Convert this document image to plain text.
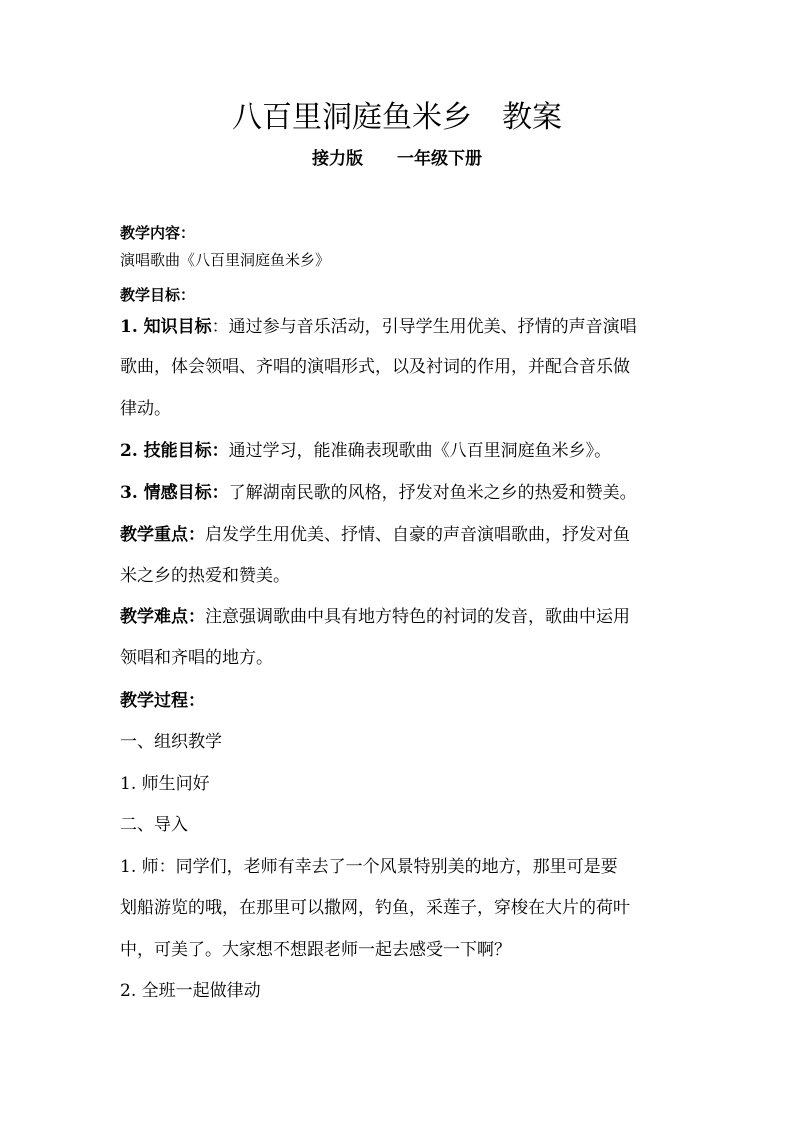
八百里洞庭鱼米乡　教案
接力版　　一年级下册
教学内容：
演唱歌曲《八百里洞庭鱼米乡》
教学目标：
1. 知识目标：通过参与音乐活动，引导学生用优美、抒情的声音演唱
歌曲，体会领唱、齐唱的演唱形式，以及衬词的作用，并配合音乐做
律动。
2. 技能目标：通过学习，能准确表现歌曲《八百里洞庭鱼米乡》。
3. 情感目标：了解湖南民歌的风格，抒发对鱼米之乡的热爱和赞美。
教学重点：启发学生用优美、抒情、自豪的声音演唱歌曲，抒发对鱼
米之乡的热爱和赞美。
教学难点：注意强调歌曲中具有地方特色的衬词的发音，歌曲中运用
领唱和齐唱的地方。
教学过程：
一、组织教学
1. 师生问好
二、导入
1. 师：同学们，老师有幸去了一个风景特别美的地方，那里可是要
划船游览的哦，在那里可以撒网，钓鱼，采莲子，穿梭在大片的荷叶
中，可美了。大家想不想跟老师一起去感受一下啊？
2. 全班一起做律动
